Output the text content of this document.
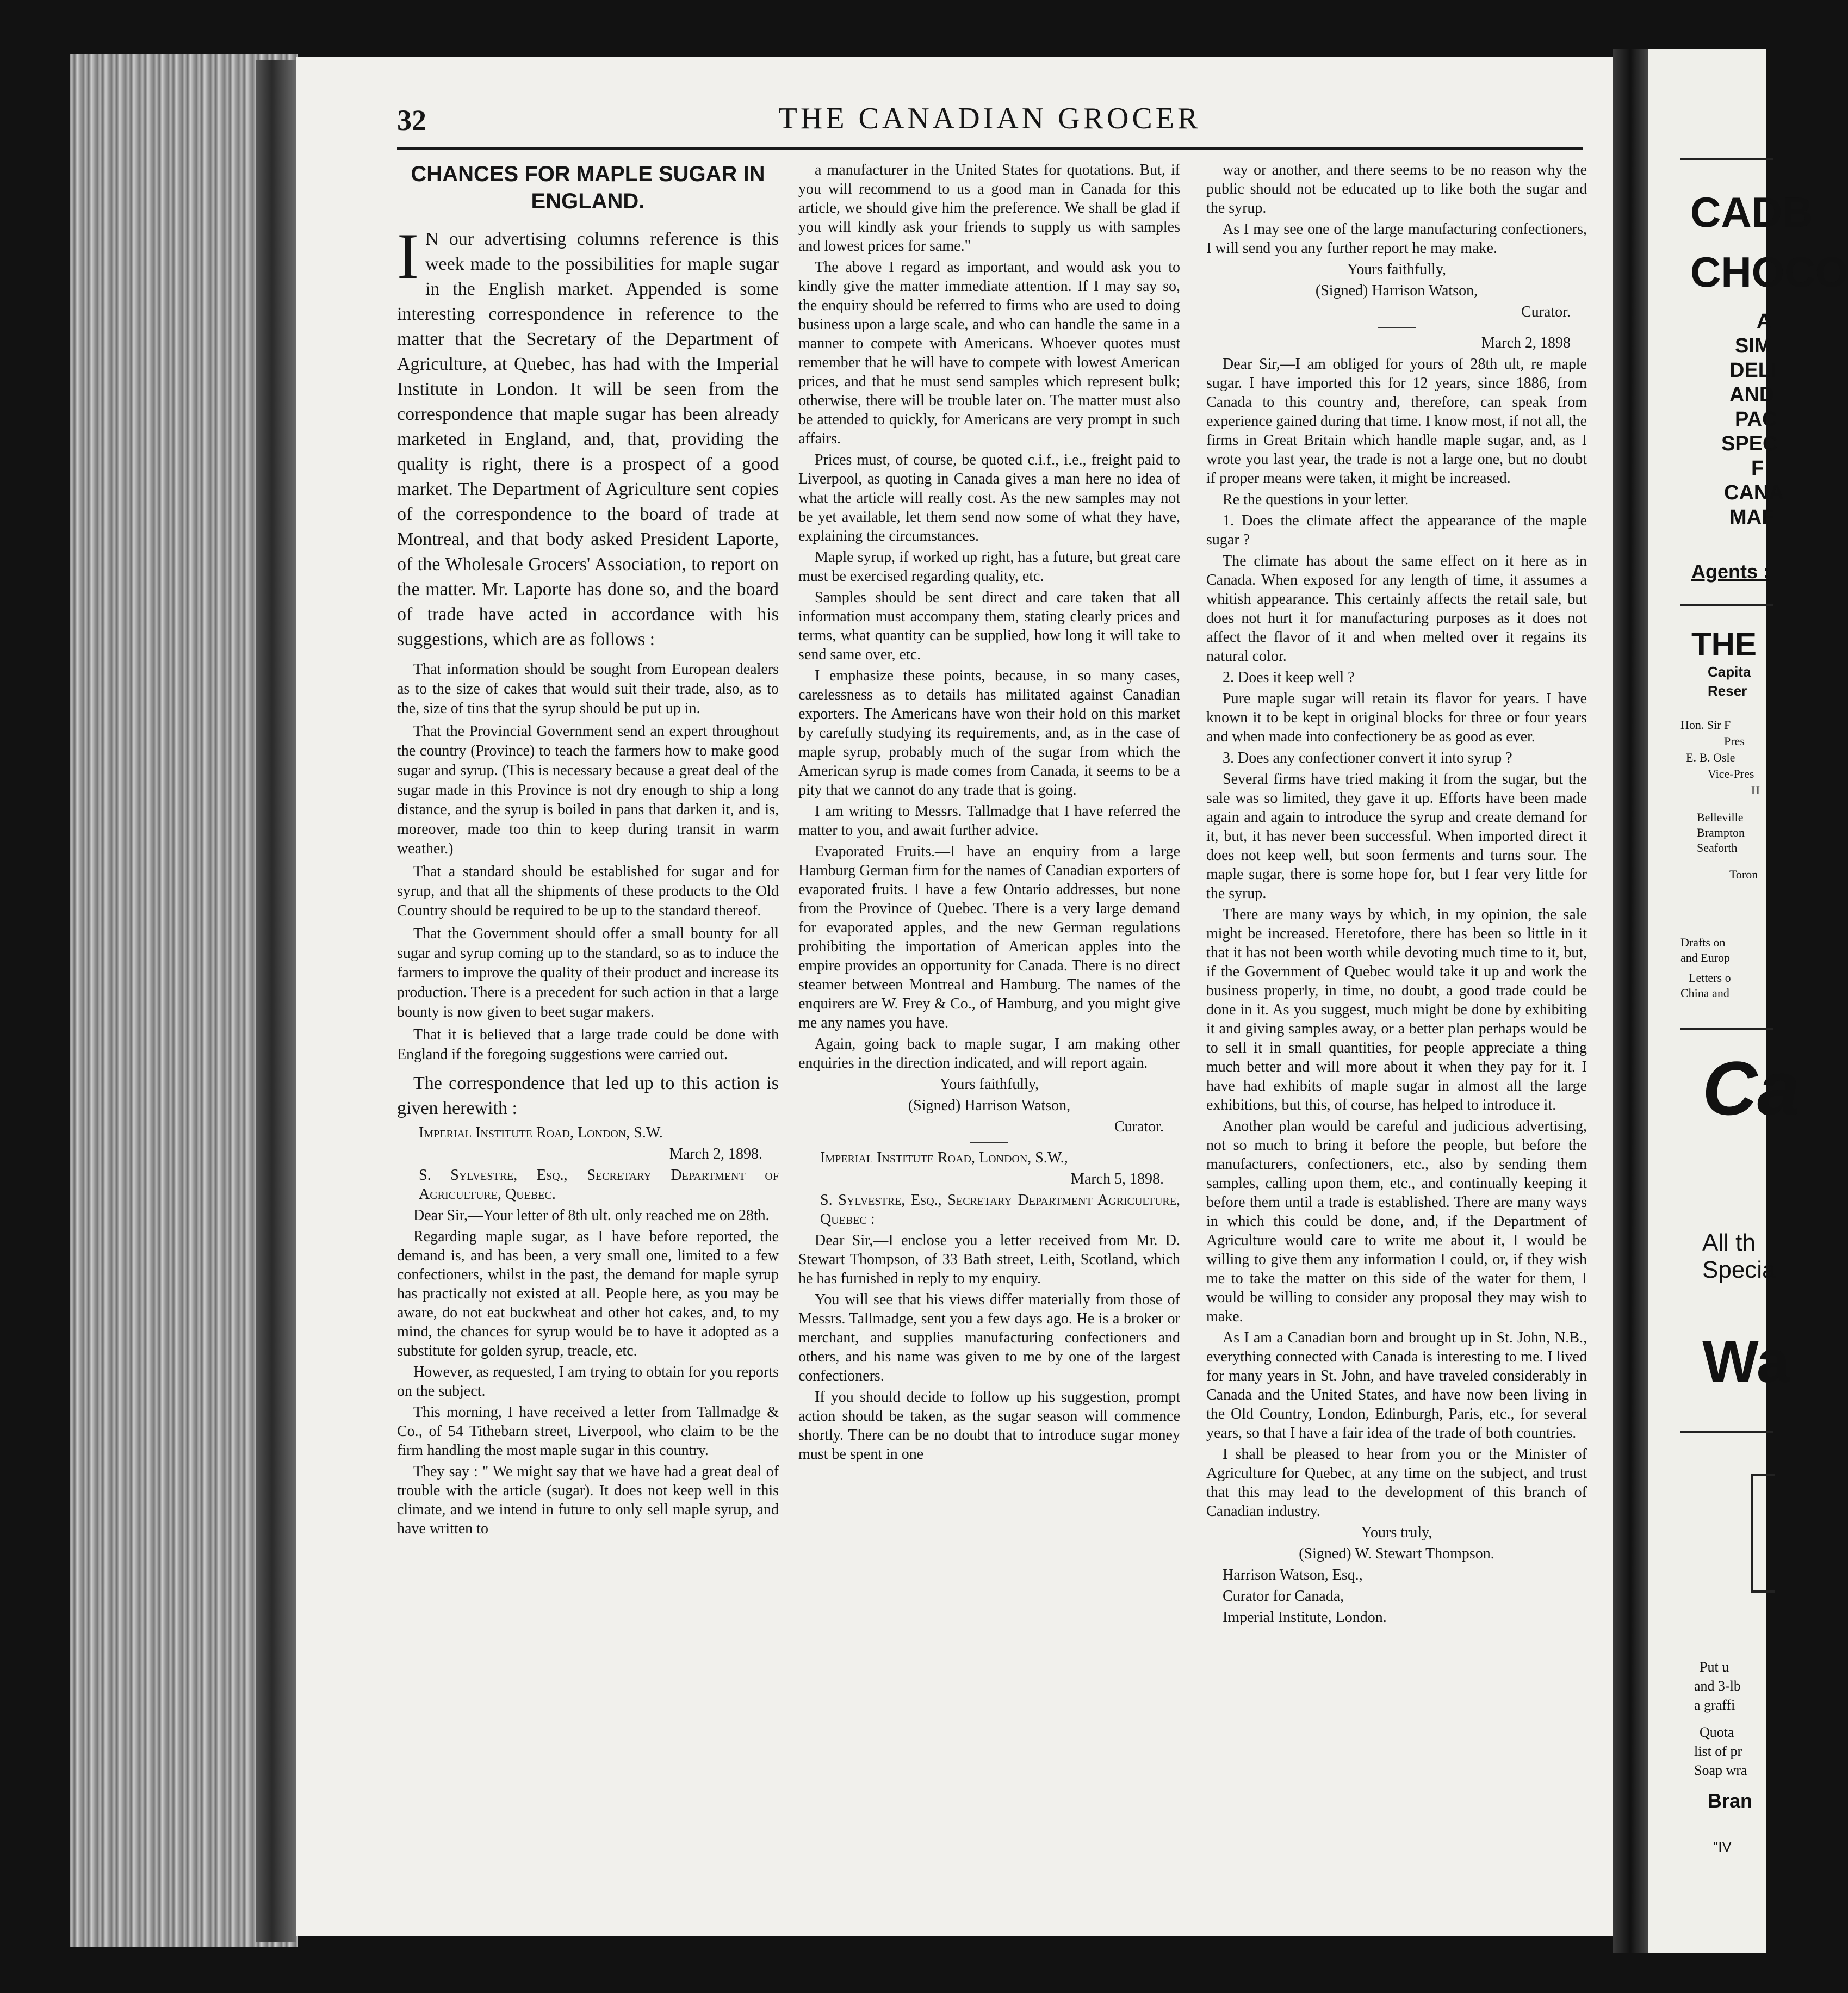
32	THE CANADIAN GROCER
CHANCES FOR MAPLE SUGAR IN ENGLAND.
I N our advertising columns reference is this week made to the possibilities for maple sugar in the English market. Appended is some interesting correspondence in reference to the matter that the Secretary of the Department of Agriculture, at Quebec, has had with the Imperial Institute in London. It will be seen from the correspondence that maple sugar has been already marketed in England, and, that, providing the quality is right, there is a prospect of a good market. The Department of Agriculture sent copies of the correspondence to the board of trade at Montreal, and that body asked President Laporte, of the Wholesale Grocers' Association, to report on the matter. Mr. Laporte has done so, and the board of trade have acted in accordance with his suggestions, which are as follows :

That information should be sought from European dealers as to the size of cakes that would suit their trade, also, as to the, size of tins that the syrup should be put up in.

That the Provincial Government send an expert throughout the country (Province) to teach the farmers how to make good sugar and syrup. (This is necessary because a great deal of the sugar made in this Province is not dry enough to ship a long distance, and the syrup is boiled in pans that darken it, and is, moreover, made too thin to keep during transit in warm weather.)

That a standard should be established for sugar and for syrup, and that all the shipments of these products to the Old Country should be required to be up to the standard thereof.

That the Government should offer a small bounty for all sugar and syrup coming up to the standard, so as to induce the farmers to improve the quality of their product and increase its production. There is a precedent for such action in that a large bounty is now given to beet sugar makers.

That it is believed that a large trade could be done with England if the foregoing suggestions were carried out.

The correspondence that led up to this action is given herewith :

Imperial Institute Road, London, S.W.

March 2, 1898.

S. Sylvestre, Esq., Secretary Department of Agriculture, Quebec.

Dear Sir,—Your letter of 8th ult. only reached me on 28th.

Regarding maple sugar, as I have before reported, the demand is, and has been, a very small one, limited to a few confectioners, whilst in the past, the demand for maple syrup has practically not existed at all. People here, as you may be aware, do not eat buckwheat and other hot cakes, and, to my mind, the chances for syrup would be to have it adopted as a substitute for golden syrup, treacle, etc.

However, as requested, I am trying to obtain for you reports on the subject.

This morning, I have received a letter from Tallmadge & Co., of 54 Tithebarn street, Liverpool, who claim to be the firm handling the most maple sugar in this country.

They say : " We might say that we have had a great deal of trouble with the article (sugar). It does not keep well in this climate, and we intend in future to only sell maple syrup, and have written to

a manufacturer in the United States for quotations. But, if you will recommend to us a good man in Canada for this article, we should give him the preference. We shall be glad if you will kindly ask your friends to supply us with samples and lowest prices for same."

The above I regard as important, and would ask you to kindly give the matter immediate attention. If I may say so, the enquiry should be referred to firms who are used to doing business upon a large scale, and who can handle the same in a manner to compete with Americans. Whoever quotes must remember that he will have to compete with lowest American prices, and that he must send samples which represent bulk; otherwise, there will be trouble later on. The matter must also be attended to quickly, for Americans are very prompt in such affairs.

Prices must, of course, be quoted c.i.f., i.e., freight paid to Liverpool, as quoting in Canada gives a man here no idea of what the article will really cost. As the new samples may not be yet available, let them send now some of what they have, explaining the circumstances.

Maple syrup, if worked up right, has a future, but great care must be exercised regarding quality, etc.

Samples should be sent direct and care taken that all information must accompany them, stating clearly prices and terms, what quantity can be supplied, how long it will take to send same over, etc.

I emphasize these points, because, in so many cases, carelessness as to details has militated against Canadian exporters. The Americans have won their hold on this market by carefully studying its requirements, and, as in the case of maple syrup, probably much of the sugar from which the American syrup is made comes from Canada, it seems to be a pity that we cannot do any trade that is going.

I am writing to Messrs. Tallmadge that I have referred the matter to you, and await further advice.

Evaporated Fruits.—I have an enquiry from a large Hamburg German firm for the names of Canadian exporters of evaporated fruits. I have a few Ontario addresses, but none from the Province of Quebec. There is a very large demand for evaporated apples, and the new German regulations prohibiting the importation of American apples into the empire provides an opportunity for Canada. There is no direct steamer between Montreal and Hamburg. The names of the enquirers are W. Frey & Co., of Hamburg, and you might give me any names you have.

Again, going back to maple sugar, I am making other enquiries in the direction indicated, and will report again.

Yours faithfully,

(Signed) Harrison Watson,

Curator.

Imperial Institute Road, London, S.W.,

March 5, 1898.

S. Sylvestre, Esq., Secretary Department Agriculture, Quebec :

Dear Sir,—I enclose you a letter received from Mr. D. Stewart Thompson, of 33 Bath street, Leith, Scotland, which he has furnished in reply to my enquiry.

You will see that his views differ materially from those of Messrs. Tallmadge, sent you a few days ago. He is a broker or merchant, and supplies manufacturing confectioners and others, and his name was given to me by one of the largest confectioners.

If you should decide to follow up his suggestion, prompt action should be taken, as the sugar season will commence shortly. There can be no doubt that to introduce sugar money must be spent in one

way or another, and there seems to be no reason why the public should not be educated up to like both the sugar and the syrup.

As I may see one of the large manufacturing confectioners, I will send you any further report he may make.

Yours faithfully,

(Signed) Harrison Watson,

Curator.

March 2, 1898

Dear Sir,—I am obliged for yours of 28th ult, re maple sugar. I have imported this for 12 years, since 1886, from Canada to this country and, therefore, can speak from experience gained during that time. I know most, if not all, the firms in Great Britain which handle maple sugar, and, as I wrote you last year, the trade is not a large one, but no doubt if proper means were taken, it might be increased.

Re the questions in your letter.

1. Does the climate affect the appearance of the maple sugar ?

The climate has about the same effect on it here as in Canada. When exposed for any length of time, it assumes a whitish appearance. This certainly affects the retail sale, but does not hurt it for manufacturing purposes as it does not affect the flavor of it and when melted over it regains its natural color.

2. Does it keep well ?

Pure maple sugar will retain its flavor for years. I have known it to be kept in original blocks for three or four years and when made into confectionery be as good as ever.

3. Does any confectioner convert it into syrup ?

Several firms have tried making it from the sugar, but the sale was so limited, they gave it up. Efforts have been made again and again to introduce the syrup and create demand for it, but, it has never been successful. When imported direct it does not keep well, but soon ferments and turns sour. The maple sugar, there is some hope for, but I fear very little for the syrup.

There are many ways by which, in my opinion, the sale might be increased. Heretofore, there has been so little in it that it has not been worth while devoting much time to it, but, if the Government of Quebec would take it up and work the business properly, in time, no doubt, a good trade could be done in it. As you suggest, much might be done by exhibiting it and giving samples away, or a better plan perhaps would be to sell it in small quantities, for people appreciate a thing much better and will more about it when they pay for it. I have had exhibits of maple sugar in almost all the large exhibitions, but this, of course, has helped to introduce it.

Another plan would be careful and judicious advertising, not so much to bring it before the people, but before the manufacturers, confectioners, etc., also by sending them samples, calling upon them, etc., and continually keeping it before them until a trade is established. There are many ways in which this could be done, and, if the Department of Agriculture would care to write me about it, I would be willing to give them any information I could, or, if they wish me to take the matter on this side of the water for them, I would be willing to consider any proposal they may wish to make.

As I am a Canadian born and brought up in St. John, N.B., everything connected with Canada is interesting to me. I lived for many years in St. John, and have traveled considerably in Canada and the United States, and have now been living in the Old Country, London, Edinburgh, Paris, etc., for several years, so that I have a fair idea of the trade of both countries.

I shall be pleased to hear from you or the Minister of Agriculture for Quebec, at any time on the subject, and trust that this may lead to the development of this branch of Canadian industry.

Yours truly,

(Signed) W. Stewart Thompson.

Harrison Watson, Esq.,

Curator for Canada,

Imperial Institute, London.

CADB
CHOCO
A
SIM
DELI
AND
PAC
SPEC
F
CANA
MAF
Agents :
THE
Capita
Reser
Hon. Sir F
Pres
E. B. Osle
Vice-Pres
H
Belleville
Brampton
Seaforth
Toron
Drafts on
and Europ
Letters o
China and
Ca
All th
Specia
Wa
Put u
and 3-lb
a graffi
Quota
list of pr
Soap wra
Bran
"IV
